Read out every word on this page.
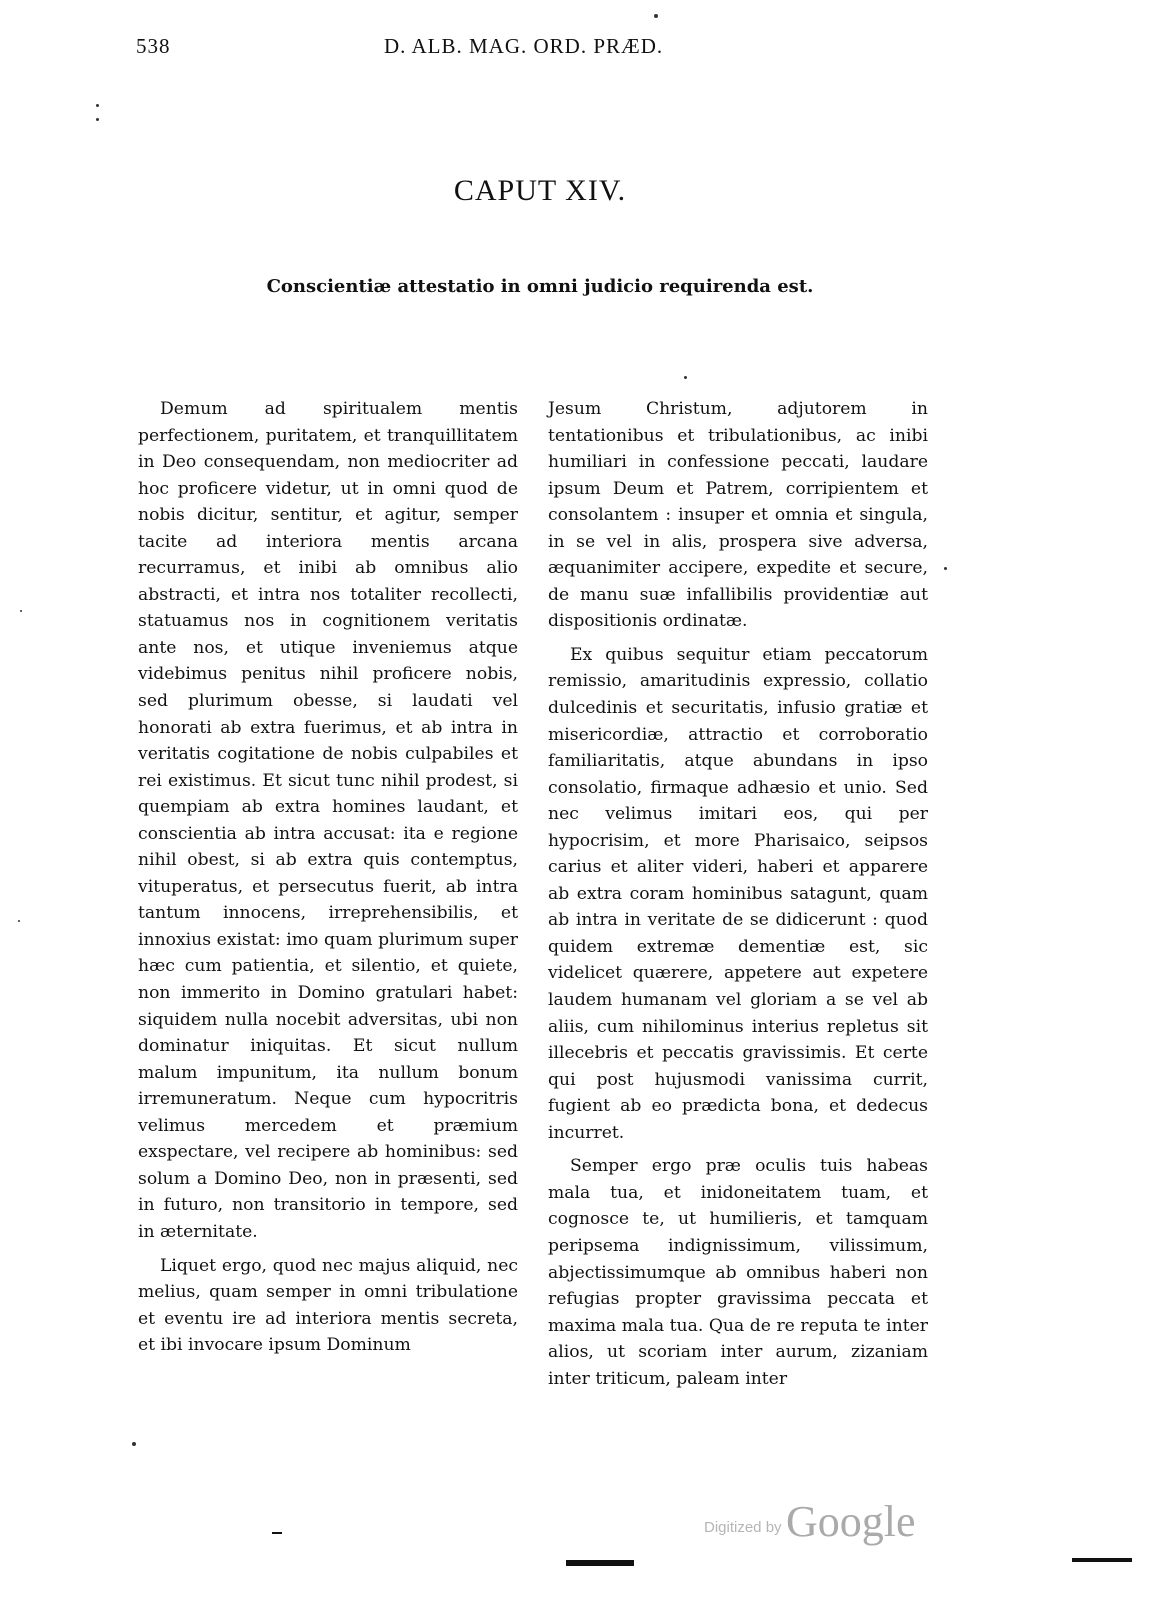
538	D. ALB. MAG. ORD. PRÆD.
CAPUT XIV.
Conscientiæ attestatio in omni judicio requirenda est.

Demum ad spiritualem mentis perfectionem, puritatem, et tranquillitatem in Deo consequendam, non mediocriter ad hoc proficere videtur, ut in omni quod de nobis dicitur, sentitur, et agitur, semper tacite ad interiora mentis arcana recurramus, et inibi ab omnibus alio abstracti, et intra nos totaliter recollecti, statuamus nos in cognitionem veritatis ante nos, et utique inveniemus atque videbimus penitus nihil proficere nobis, sed plurimum obesse, si laudati vel honorati ab extra fuerimus, et ab intra in veritatis cogitatione de nobis culpabiles et rei existimus. Et sicut tunc nihil prodest, si quempiam ab extra homines laudant, et conscientia ab intra accusat: ita e regione nihil obest, si ab extra quis contemptus, vituperatus, et persecutus fuerit, ab intra tantum innocens, irreprehensibilis, et innoxius existat: imo quam plurimum super hæc cum patientia, et silentio, et quiete, non immerito in Domino gratulari habet: siquidem nulla nocebit adversitas, ubi non dominatur iniquitas. Et sicut nullum malum impunitum, ita nullum bonum irremuneratum. Neque cum hypocritris velimus mercedem et præmium exspectare, vel recipere ab hominibus: sed solum a Domino Deo, non in præsenti, sed in futuro, non transitorio in tempore, sed in æternitate.

Liquet ergo, quod nec majus aliquid, nec melius, quam semper in omni tribulatione et eventu ire ad interiora mentis secreta, et ibi invocare ipsum Dominum

Jesum Christum, adjutorem in tentationibus et tribulationibus, ac inibi humiliari in confessione peccati, laudare ipsum Deum et Patrem, corripientem et consolantem : insuper et omnia et singula, in se vel in alis, prospera sive adversa, æquanimiter accipere, expedite et secure, de manu suæ infallibilis providentiæ aut dispositionis ordinatæ.

Ex quibus sequitur etiam peccatorum remissio, amaritudinis expressio, collatio dulcedinis et securitatis, infusio gratiæ et misericordiæ, attractio et corroboratio familiaritatis, atque abundans in ipso consolatio, firmaque adhæsio et unio. Sed nec velimus imitari eos, qui per hypocrisim, et more Pharisaico, seipsos carius et aliter videri, haberi et apparere ab extra coram hominibus satagunt, quam ab intra in veritate de se didicerunt : quod quidem extremæ dementiæ est, sic videlicet quærere, appetere aut expetere laudem humanam vel gloriam a se vel ab aliis, cum nihilominus interius repletus sit illecebris et peccatis gravissimis. Et certe qui post hujusmodi vanissima currit, fugient ab eo prædicta bona, et dedecus incurret.

Semper ergo præ oculis tuis habeas mala tua, et inidoneitatem tuam, et cognosce te, ut humilieris, et tamquam peripsema indignissimum, vilissimum, abjectissimumque ab omnibus haberi non refugias propter gravissima peccata et maxima mala tua. Qua de re reputa te inter alios, ut scoriam inter aurum, zizaniam inter triticum, paleam inter

Digitized by Google
